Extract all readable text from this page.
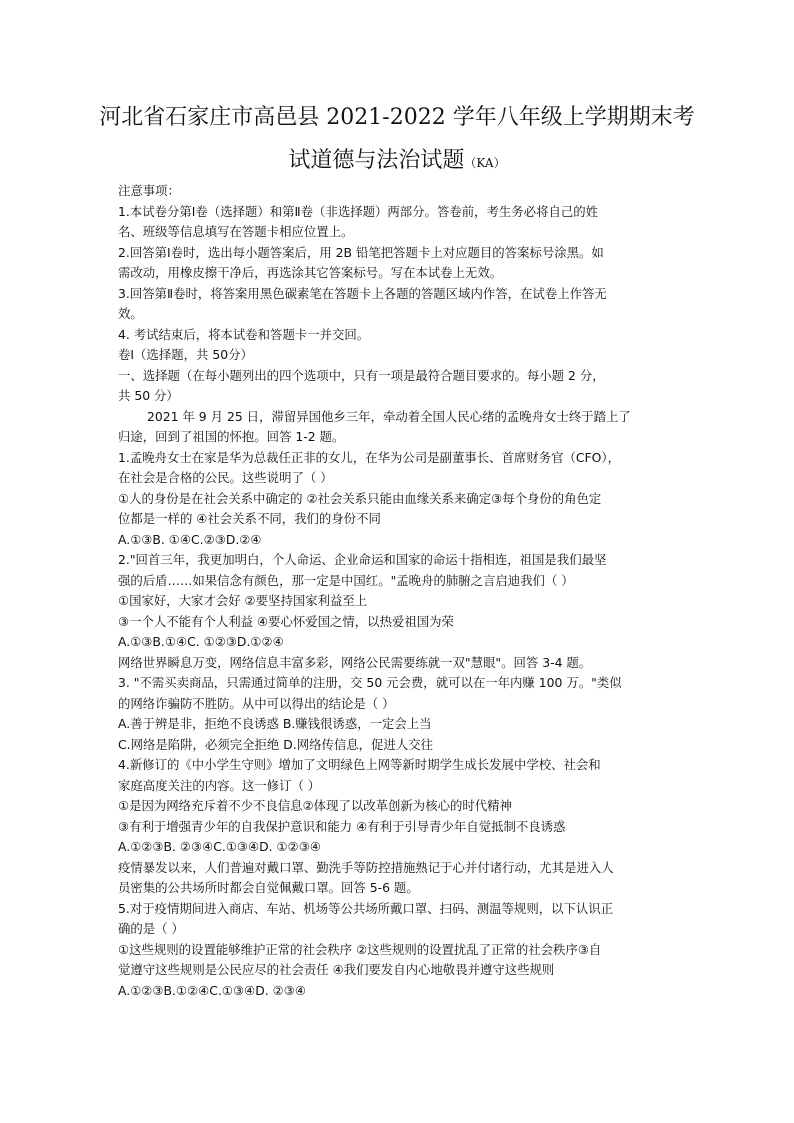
河北省石家庄市高邑县 2021-2022 学年八年级上学期期末考
试道德与法治试题（KA）
注意事项：
1.本试卷分第Ⅰ卷（选择题）和第Ⅱ卷（非选择题）两部分。答卷前，考生务必将自己的姓
名、班级等信息填写在答题卡相应位置上。
2.回答第Ⅰ卷时，选出每小题答案后，用 2B 铅笔把答题卡上对应题目的答案标号涂黑。如
需改动，用橡皮擦干净后，再选涂其它答案标号。写在本试卷上无效。
3.回答第Ⅱ卷时，将答案用黑色碳素笔在答题卡上各题的答题区域内作答，在试卷上作答无
效。
4. 考试结束后，将本试卷和答题卡一并交回。
卷Ⅰ（选择题，共 50分）
一、选择题（在每小题列出的四个选项中，只有一项是最符合题目要求的。每小题 2 分，
共 50 分）
2021 年 9 月 25 日，滞留异国他乡三年，牵动着全国人民心绪的孟晚舟女士终于踏上了
归途，回到了祖国的怀抱。回答 1-2 题。
1.孟晚舟女士在家是华为总裁任正非的女儿，在华为公司是副董事长、首席财务官（CFO），
在社会是合格的公民。这些说明了（ ）
①人的身份是在社会关系中确定的 ②社会关系只能由血缘关系来确定③每个身份的角色定
位都是一样的 ④社会关系不同，我们的身份不同
A.①③B. ①④C.②③D.②④
2."回首三年，我更加明白，个人命运、企业命运和国家的命运十指相连，祖国是我们最坚
强的后盾……如果信念有颜色，那一定是中国红。"孟晚舟的肺腑之言启迪我们（ ）
①国家好，大家才会好 ②要坚持国家利益至上
③一个人不能有个人利益 ④要心怀爱国之情，以热爱祖国为荣
A.①③B.①④C. ①②③D.①②④
网络世界瞬息万变，网络信息丰富多彩，网络公民需要练就一双"慧眼"。回答 3-4 题。
3. "不需买卖商品，只需通过简单的注册，交 50 元会费，就可以在一年内赚 100 万。"类似
的网络诈骗防不胜防。从中可以得出的结论是（ ）
A.善于辨是非，拒绝不良诱惑 B.赚钱很诱惑，一定会上当
C.网络是陷阱，必须完全拒绝 D.网络传信息，促进人交往
4.新修订的《中小学生守则》增加了文明绿色上网等新时期学生成长发展中学校、社会和
家庭高度关注的内容。这一修订（ ）
①是因为网络充斥着不少不良信息②体现了以改革创新为核心的时代精神
③有利于增强青少年的自我保护意识和能力 ④有利于引导青少年自觉抵制不良诱惑
A.①②③B. ②③④C.①③④D. ①②③④
疫情暴发以来，人们普遍对戴口罩、勤洗手等防控措施熟记于心并付诸行动，尤其是进入人
员密集的公共场所时都会自觉佩戴口罩。回答 5-6 题。
5.对于疫情期间进入商店、车站、机场等公共场所戴口罩、扫码、测温等规则，以下认识正
确的是（ ）
①这些规则的设置能够维护正常的社会秩序 ②这些规则的设置扰乱了正常的社会秩序③自
觉遵守这些规则是公民应尽的社会责任 ④我们要发自内心地敬畏并遵守这些规则
A.①②③B.①②④C.①③④D. ②③④
